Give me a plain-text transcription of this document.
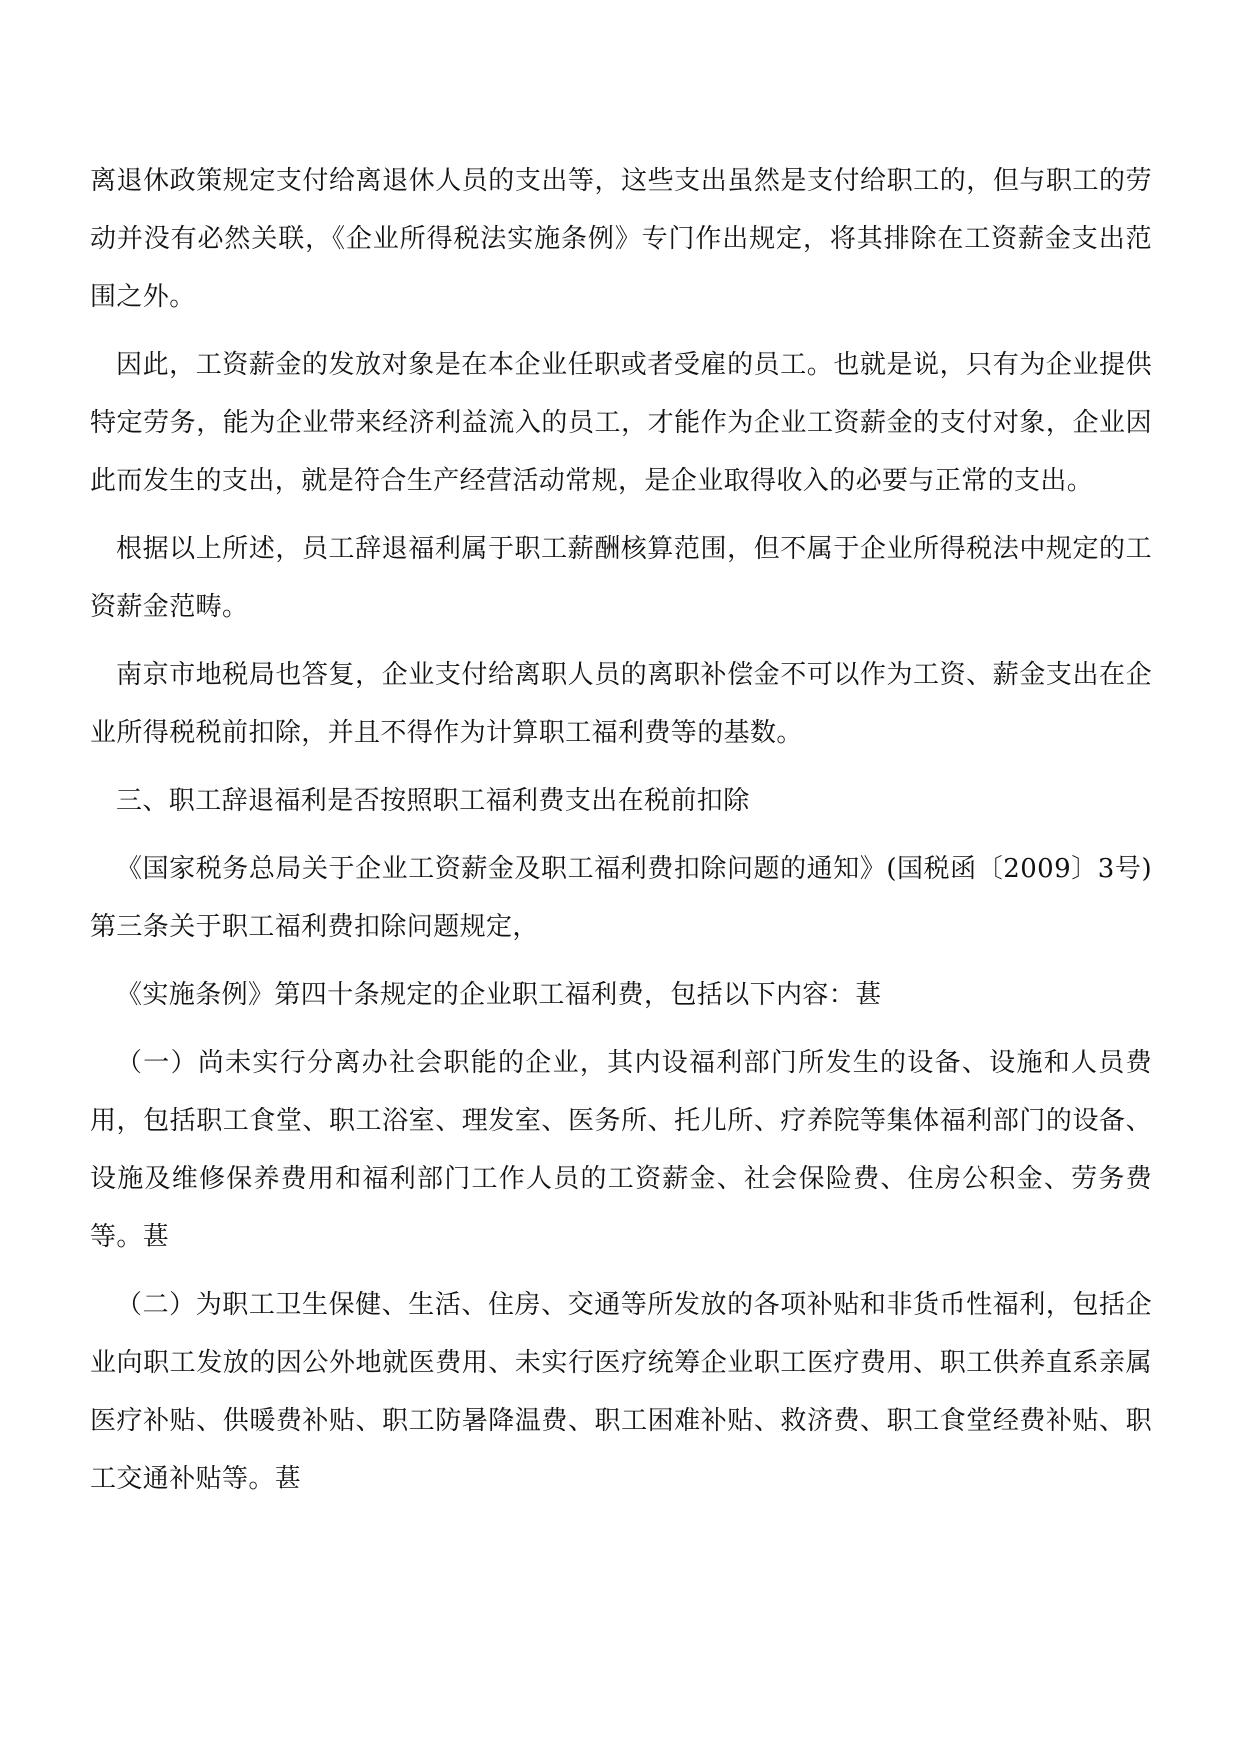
离退休政策规定支付给离退休人员的支出等，这些支出虽然是支付给职工的，但与职工的劳动并没有必然关联，《企业所得税法实施条例》专门作出规定，将其排除在工资薪金支出范围之外。

因此，工资薪金的发放对象是在本企业任职或者受雇的员工。也就是说，只有为企业提供特定劳务，能为企业带来经济利益流入的员工，才能作为企业工资薪金的支付对象，企业因此而发生的支出，就是符合生产经营活动常规，是企业取得收入的必要与正常的支出。

根据以上所述，员工辞退福利属于职工薪酬核算范围，但不属于企业所得税法中规定的工资薪金范畴。

南京市地税局也答复，企业支付给离职人员的离职补偿金不可以作为工资、薪金支出在企业所得税税前扣除，并且不得作为计算职工福利费等的基数。

三、职工辞退福利是否按照职工福利费支出在税前扣除

《国家税务总局关于企业工资薪金及职工福利费扣除问题的通知》(国税函〔2009〕3号)第三条关于职工福利费扣除问题规定，

《实施条例》第四十条规定的企业职工福利费，包括以下内容：葚

（一）尚未实行分离办社会职能的企业，其内设福利部门所发生的设备、设施和人员费用，包括职工食堂、职工浴室、理发室、医务所、托儿所、疗养院等集体福利部门的设备、设施及维修保养费用和福利部门工作人员的工资薪金、社会保险费、住房公积金、劳务费等。葚

（二）为职工卫生保健、生活、住房、交通等所发放的各项补贴和非货币性福利，包括企业向职工发放的因公外地就医费用、未实行医疗统筹企业职工医疗费用、职工供养直系亲属医疗补贴、供暖费补贴、职工防暑降温费、职工困难补贴、救济费、职工食堂经费补贴、职工交通补贴等。葚
